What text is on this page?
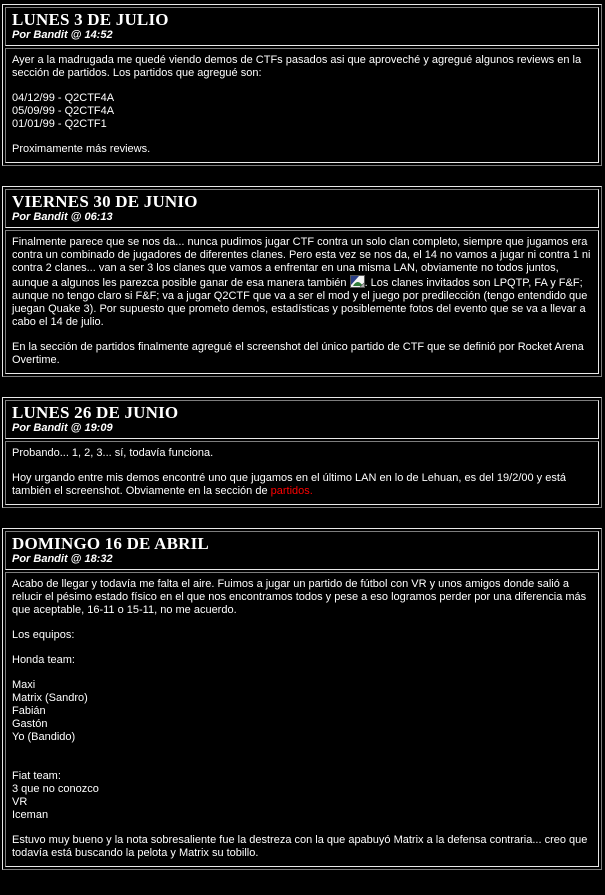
LUNES 3 DE JULIO
Por Bandit @ 14:52

Ayer a la madrugada me quedé viendo demos de CTFs pasados asi que aproveché y agregué algunos reviews en la sección de partidos. Los partidos que agregué son:

04/12/99 - Q2CTF4A
05/09/99 - Q2CTF4A
01/01/99 - Q2CTF1

Proximamente más reviews.

VIERNES 30 DE JUNIO
Por Bandit @ 06:13

Finalmente parece que se nos da... nunca pudimos jugar CTF contra un solo clan completo, siempre que jugamos era contra un combinado de jugadores de diferentes clanes. Pero esta vez se nos da, el 14 no vamos a jugar ni contra 1 ni contra 2 clanes... van a ser 3 los clanes que vamos a enfrentar en una misma LAN, obviamente no todos juntos, aunque a algunos les parezca posible ganar de esa manera también . Los clanes invitados son LPQTP, FA y F&F; aunque no tengo claro si F&F; va a jugar Q2CTF que va a ser el mod y el juego por predilección (tengo entendido que juegan Quake 3). Por supuesto que prometo demos, estadísticas y posiblemente fotos del evento que se va a llevar a cabo el 14 de julio.

En la sección de partidos finalmente agregué el screenshot del único partido de CTF que se definió por Rocket Arena Overtime.

LUNES 26 DE JUNIO
Por Bandit @ 19:09

Probando... 1, 2, 3... sí, todavía funciona.

Hoy urgando entre mis demos encontré uno que jugamos en el último LAN en lo de Lehuan, es del 19/2/00 y está también el screenshot. Obviamente en la sección de partidos.

DOMINGO 16 DE ABRIL
Por Bandit @ 18:32

Acabo de llegar y todavía me falta el aire. Fuimos a jugar un partido de fútbol con VR y unos amigos donde salió a relucir el pésimo estado físico en el que nos encontramos todos y pese a eso logramos perder por una diferencia más que aceptable, 16-11 o 15-11, no me acuerdo.

Los equipos:

Honda team:

Maxi
Matrix (Sandro)
Fabián
Gastón
Yo (Bandido)

Fiat team:
3 que no conozco
VR
Iceman

Estuvo muy bueno y la nota sobresaliente fue la destreza con la que apabuyó Matrix a la defensa contraria... creo que todavía está buscando la pelota y Matrix su tobillo.
